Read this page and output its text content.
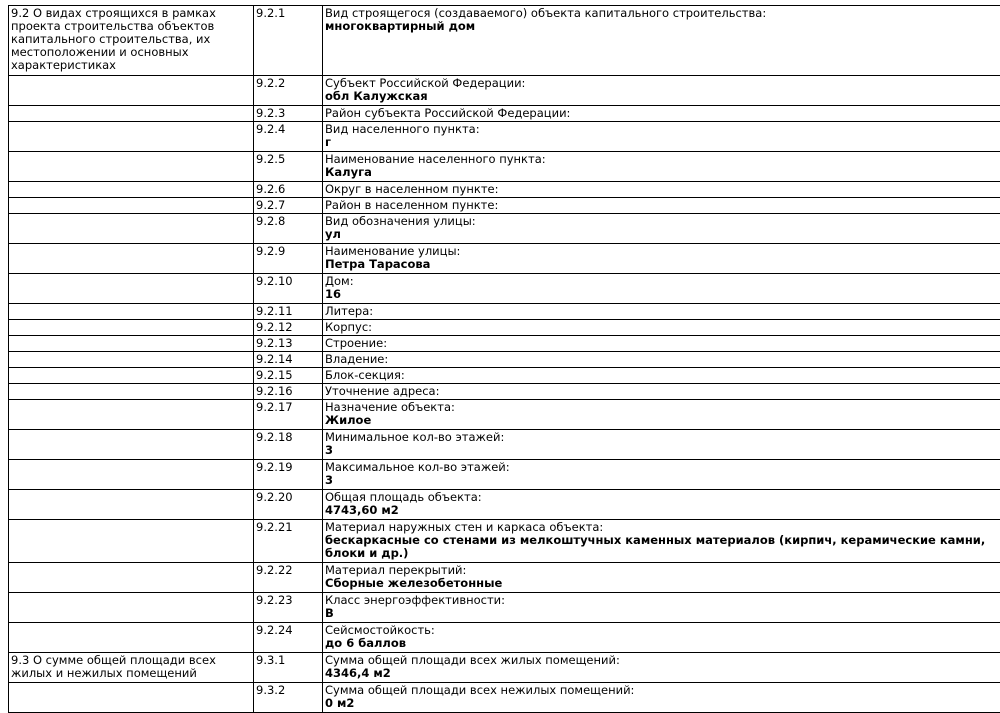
9.2 О видах строящихся в рамках проекта строительства объектов капитального строительства, их местоположении и основных характеристиках	9.2.1	Вид строящегося (создаваемого) объекта капитального строительства:
многоквартирный дом

	9.2.2	Субъект Российской Федерации:
обл Калужская

	9.2.3	Район субъекта Российской Федерации:

	9.2.4	Вид населенного пункта:
г

	9.2.5	Наименование населенного пункта:
Калуга

	9.2.6	Округ в населенном пункте:

	9.2.7	Район в населенном пункте:

	9.2.8	Вид обозначения улицы:
ул

	9.2.9	Наименование улицы:
Петра Тарасова

	9.2.10	Дом:
16

	9.2.11	Литера:

	9.2.12	Корпус:

	9.2.13	Строение:

	9.2.14	Владение:

	9.2.15	Блок-секция:

	9.2.16	Уточнение адреса:

	9.2.17	Назначение объекта:
Жилое

	9.2.18	Минимальное кол-во этажей:
3

	9.2.19	Максимальное кол-во этажей:
3

	9.2.20	Общая площадь объекта:
4743,60 м2

	9.2.21	Материал наружных стен и каркаса объекта:
бескаркасные со стенами из мелкоштучных каменных материалов (кирпич, керамические камни, блоки и др.)

	9.2.22	Материал перекрытий:
Сборные железобетонные

	9.2.23	Класс энергоэффективности:
В

	9.2.24	Сейсмостойкость:
до 6 баллов

9.3 О сумме общей площади всех жилых и нежилых помещений	9.3.1	Сумма общей площади всех жилых помещений:
4346,4 м2

	9.3.2	Сумма общей площади всех нежилых помещений:
0 м2
